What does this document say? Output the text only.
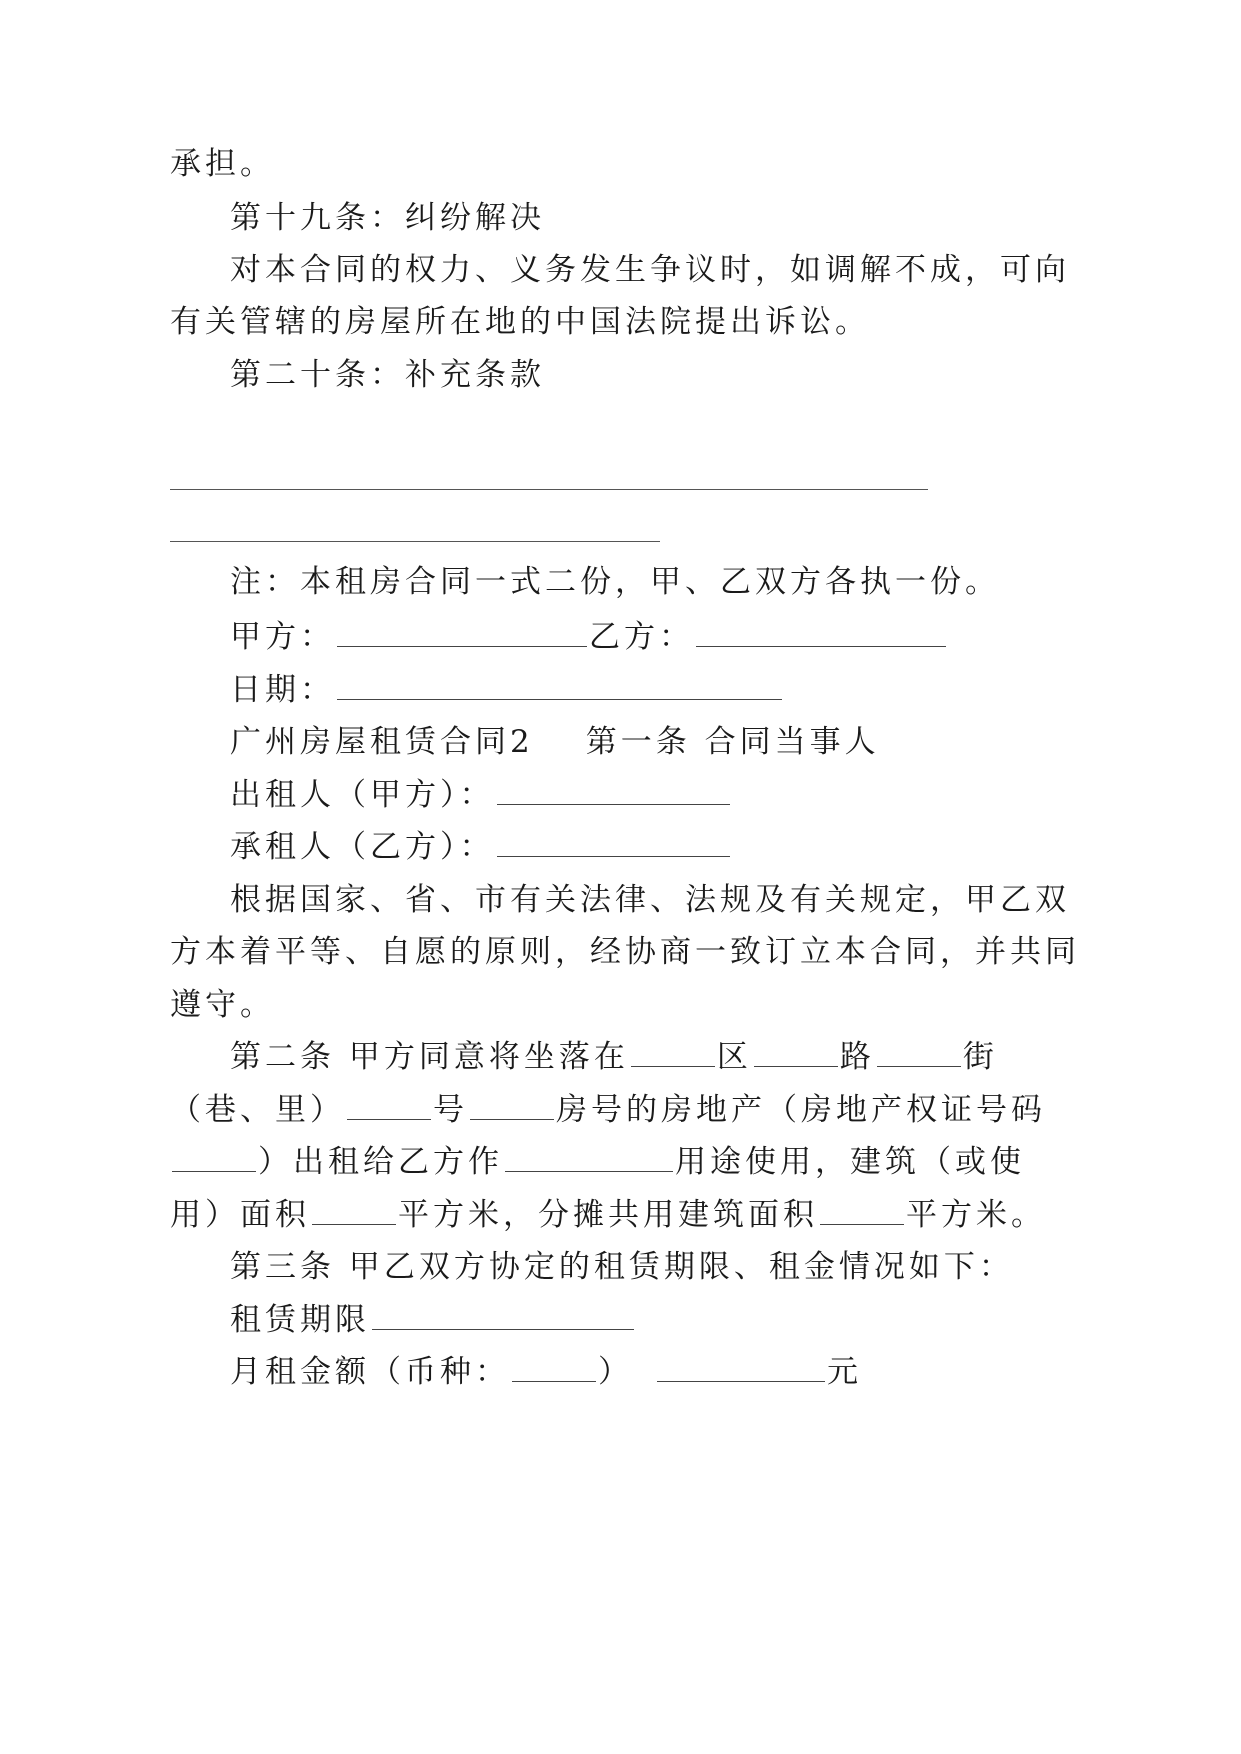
承担。
第十九条：纠纷解决
对本合同的权力、义务发生争议时，如调解不成，可向
有关管辖的房屋所在地的中国法院提出诉讼。
第二十条：补充条款
注：本租房合同一式二份，甲、乙双方各执一份。
甲方：	乙方：
日期：
广州房屋租赁合同2 第一条 合同当事人
出租人（甲方）：
承租人（乙方）：
根据国家、省、市有关法律、法规及有关规定，甲乙双
方本着平等、自愿的原则，经协商一致订立本合同，并共同
遵守。
第二条 甲方同意将坐落在	区	路	街
（巷、里）	号	房号的房地产（房地产权证号码
）出租给乙方作	用途使用，建筑（或使
用）面积	平方米，分摊共用建筑面积	平方米。
第三条 甲乙双方协定的租赁期限、租金情况如下：
租赁期限
月租金额（币种：	）	元
